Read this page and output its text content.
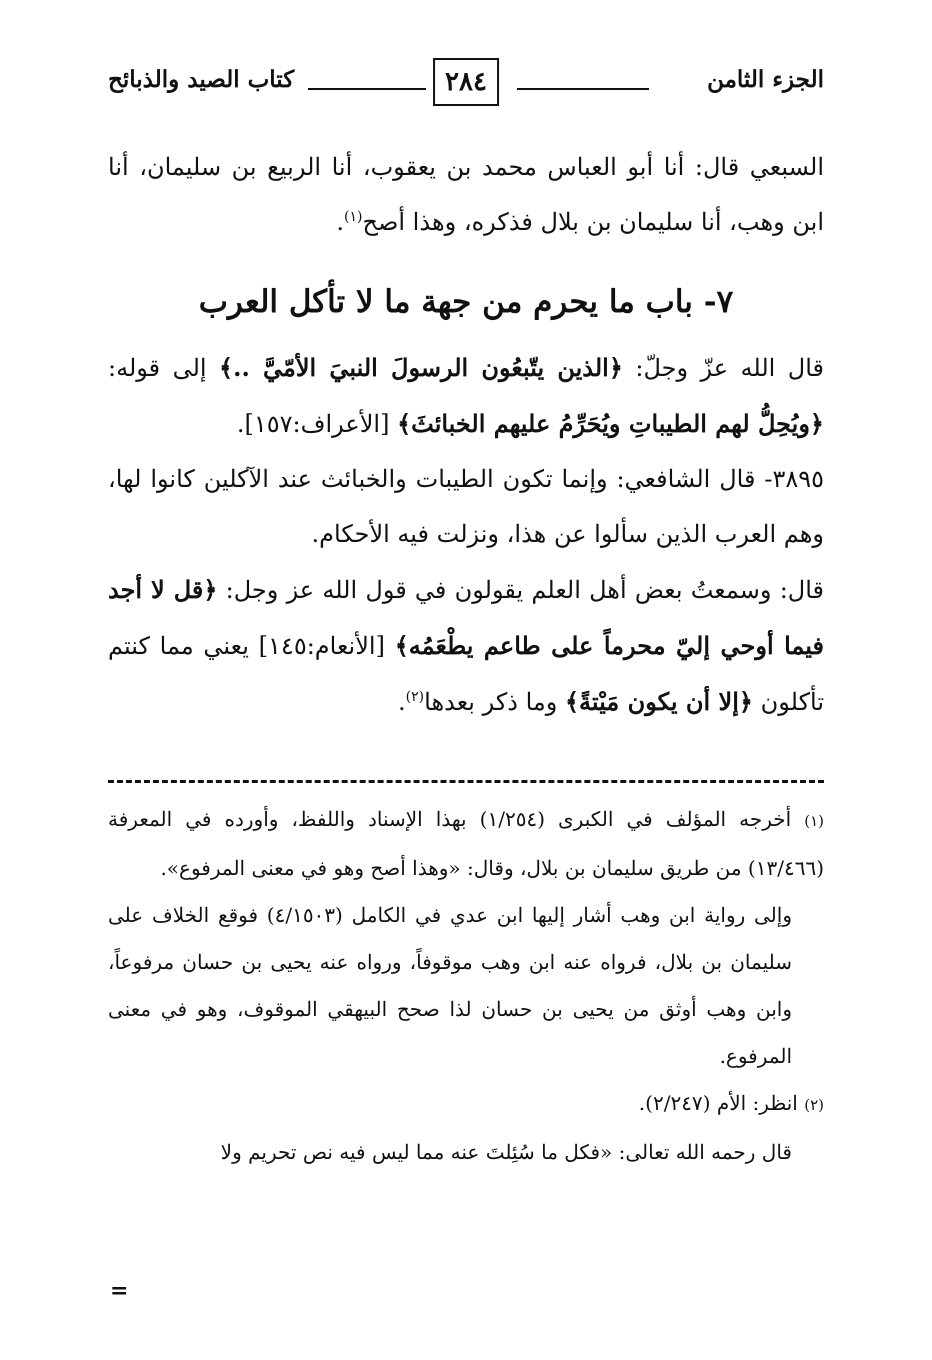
الجزء الثامن
٢٨٤
كتاب الصيد والذبائح

السبعي قال: أنا أبو العباس محمد بن يعقوب، أنا الربيع بن سليمان، أنا ابن وهب، أنا سليمان بن بلال فذكره، وهذا أصح$^{(١)}$.

٧- باب ما يحرم من جهة ما لا تأكل العرب

قال الله عزّ وجلّ: ﴿الذين يتّبعُون الرسولَ النبيَ الأمّيَّ ..﴾ إلى قوله: ﴿ويُحِلُّ لهم الطيباتِ ويُحَرِّمُ عليهم الخبائثَ﴾ [الأعراف:١٥٧].

٣٨٩٥- قال الشافعي: وإنما تكون الطيبات والخبائث عند الآكلين كانوا لها، وهم العرب الذين سألوا عن هذا، ونزلت فيه الأحكام.

قال: وسمعتُ بعض أهل العلم يقولون في قول الله عز وجل: ﴿قل لا أجد فيما أوحي إليّ محرماً على طاعم يطْعَمُه﴾ [الأنعام:١٤٥] يعني مما كنتم تأكلون ﴿إلا أن يكون مَيْتةً﴾ وما ذكر بعدها$^{(٢)}$.

(١) أخرجه المؤلف في الكبرى (١/٢٥٤) بهذا الإسناد واللفظ، وأورده في المعرفة (١٣/٤٦٦) من طريق سليمان بن بلال، وقال: «وهذا أصح وهو في معنى المرفوع».

وإلى رواية ابن وهب أشار إليها ابن عدي في الكامل (٤/١٥٠٣) فوقع الخلاف على سليمان بن بلال، فرواه عنه ابن وهب موقوفاً، ورواه عنه يحيى بن حسان مرفوعاً، وابن وهب أوثق من يحيى بن حسان لذا صحح البيهقي الموقوف، وهو في معنى المرفوع.

(٢) انظر: الأم (٢/٢٤٧).

قال رحمه الله تعالى: «فكل ما سُئِلتَ عنه مما ليس فيه نص تحريم ولا

=
